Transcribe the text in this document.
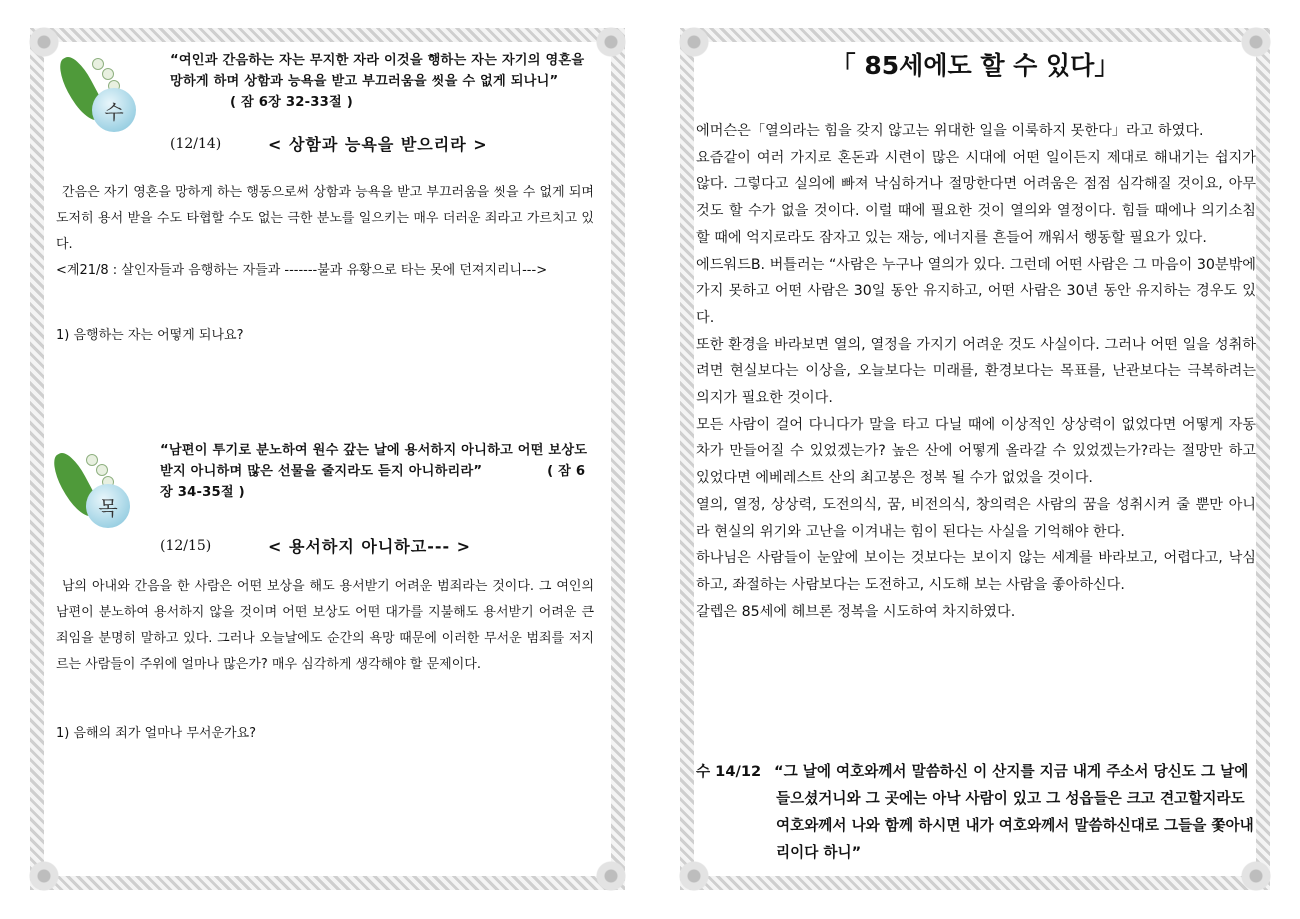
수
“여인과 간음하는 자는 무지한 자라 이것을 행하는 자는 자기의 영혼을 망하게 하며 상함과 능욕을 받고 부끄러움을 씻을 수 없게 되나니” ( 잠 6장 32-33절 )
(12/14)	< 상함과 능욕을 받으리라 >

간음은 자기 영혼을 망하게 하는 행동으로써 상함과 능욕을 받고 부끄러움을 씻을 수 없게 되며 도저히 용서 받을 수도 타협할 수도 없는 극한 분노를 일으키는 매우 더러운 죄라고 가르치고 있다.

<계21/8 : 살인자들과 음행하는 자들과 -------불과 유황으로 타는 못에 던져지리니--->

1) 음행하는 자는 어떻게 되나요?
목
“남편이 투기로 분노하여 원수 갚는 날에 용서하지 아니하고 어떤 보상도 받지 아니하며 많은 선물을 줄지라도 듣지 아니하리라”	( 잠 6장 34-35절 )
(12/15)	< 용서하지 아니하고--- >

남의 아내와 간음을 한 사람은 어떤 보상을 해도 용서받기 어려운 범죄라는 것이다. 그 여인의 남편이 분노하여 용서하지 않을 것이며 어떤 보상도 어떤 대가를 지불해도 용서받기 어려운 큰 죄임을 분명히 말하고 있다. 그러나 오늘날에도 순간의 욕망 때문에 이러한 무서운 범죄를 저지르는 사람들이 주위에 얼마나 많은가? 매우 심각하게 생각해야 할 문제이다.

1) 음해의 죄가 얼마나 무서운가요?
「 85세에도 할 수 있다」

에머슨은「열의라는 힘을 갖지 않고는 위대한 일을 이룩하지 못한다」라고 하였다.

요즘같이 여러 가지로 혼돈과 시련이 많은 시대에 어떤 일이든지 제대로 해내기는 쉽지가 않다. 그렇다고 실의에 빠져 낙심하거나 절망한다면 어려움은 점점 심각해질 것이요, 아무것도 할 수가 없을 것이다. 이럴 때에 필요한 것이 열의와 열정이다. 힘들 때에나 의기소침할 때에 억지로라도 잠자고 있는 재능, 에너지를 흔들어 깨워서 행동할 필요가 있다.

에드워드B. 버틀러는 “사람은 누구나 열의가 있다. 그런데 어떤 사람은 그 마음이 30분밖에 가지 못하고 어떤 사람은 30일 동안 유지하고, 어떤 사람은 30년 동안 유지하는 경우도 있다.

또한 환경을 바라보면 열의, 열정을 가지기 어려운 것도 사실이다. 그러나 어떤 일을 성취하려면 현실보다는 이상을, 오늘보다는 미래를, 환경보다는 목표를, 난관보다는 극복하려는 의지가 필요한 것이다.

모든 사람이 걸어 다니다가 말을 타고 다닐 때에 이상적인 상상력이 없었다면 어떻게 자동차가 만들어질 수 있었겠는가? 높은 산에 어떻게 올라갈 수 있었겠는가?라는 절망만 하고 있었다면 에베레스트 산의 최고봉은 정복 될 수가 없었을 것이다.

열의, 열정, 상상력, 도전의식, 꿈, 비전의식, 창의력은 사람의 꿈을 성취시켜 줄 뿐만 아니라 현실의 위기와 고난을 이겨내는 힘이 된다는 사실을 기억해야 한다.

하나님은 사람들이 눈앞에 보이는 것보다는 보이지 않는 세계를 바라보고, 어렵다고, 낙심하고, 좌절하는 사람보다는 도전하고, 시도해 보는 사람을 좋아하신다.

갈렙은 85세에 헤브론 정복을 시도하여 차지하였다.

수 14/12 “그 날에 여호와께서 말씀하신 이 산지를 지금 내게 주소서 당신도 그 날에 들으셨거니와 그 곳에는 아낙 사람이 있고 그 성읍들은 크고 견고할지라도 여호와께서 나와 함께 하시면 내가 여호와께서 말씀하신대로 그들을 쫓아내리이다 하니”
